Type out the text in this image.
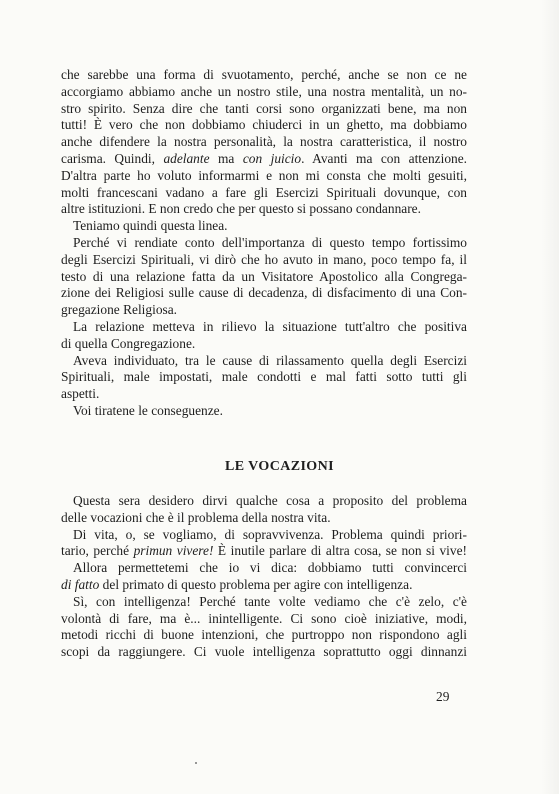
che sarebbe una forma di svuotamento, perché, anche se non ce ne
accorgiamo abbiamo anche un nostro stile, una nostra mentalità, un no-
stro spirito. Senza dire che tanti corsi sono organizzati bene, ma non
tutti! È vero che non dobbiamo chiuderci in un ghetto, ma dobbiamo
anche difendere la nostra personalità, la nostra caratteristica, il nostro
carisma. Quindi, adelante ma con juicio. Avanti ma con attenzione.
D'altra parte ho voluto informarmi e non mi consta che molti gesuiti,
molti francescani vadano a fare gli Esercizi Spirituali dovunque, con
altre istituzioni. E non credo che per questo si possano condannare.
Teniamo quindi questa linea.
Perché vi rendiate conto dell'importanza di questo tempo fortissimo
degli Esercizi Spirituali, vi dirò che ho avuto in mano, poco tempo fa, il
testo di una relazione fatta da un Visitatore Apostolico alla Congrega-
zione dei Religiosi sulle cause di decadenza, di disfacimento di una Con-
gregazione Religiosa.
La relazione metteva in rilievo la situazione tutt'altro che positiva
di quella Congregazione.
Aveva individuato, tra le cause di rilassamento quella degli Esercizi
Spirituali, male impostati, male condotti e mal fatti sotto tutti gli
aspetti.
Voi tiratene le conseguenze.
LE VOCAZIONI
Questa sera desidero dirvi qualche cosa a proposito del problema
delle vocazioni che è il problema della nostra vita.
Di vita, o, se vogliamo, di sopravvivenza. Problema quindi priori-
tario, perché primun vivere! È inutile parlare di altra cosa, se non si vive!
Allora permettetemi che io vi dica: dobbiamo tutti convincerci
di fatto del primato di questo problema per agire con intelligenza.
Sì, con intelligenza! Perché tante volte vediamo che c'è zelo, c'è
volontà di fare, ma è... inintelligente. Ci sono cioè iniziative, modi,
metodi ricchi di buone intenzioni, che purtroppo non rispondono agli
scopi da raggiungere. Ci vuole intelligenza soprattutto oggi dinnanzi
29
